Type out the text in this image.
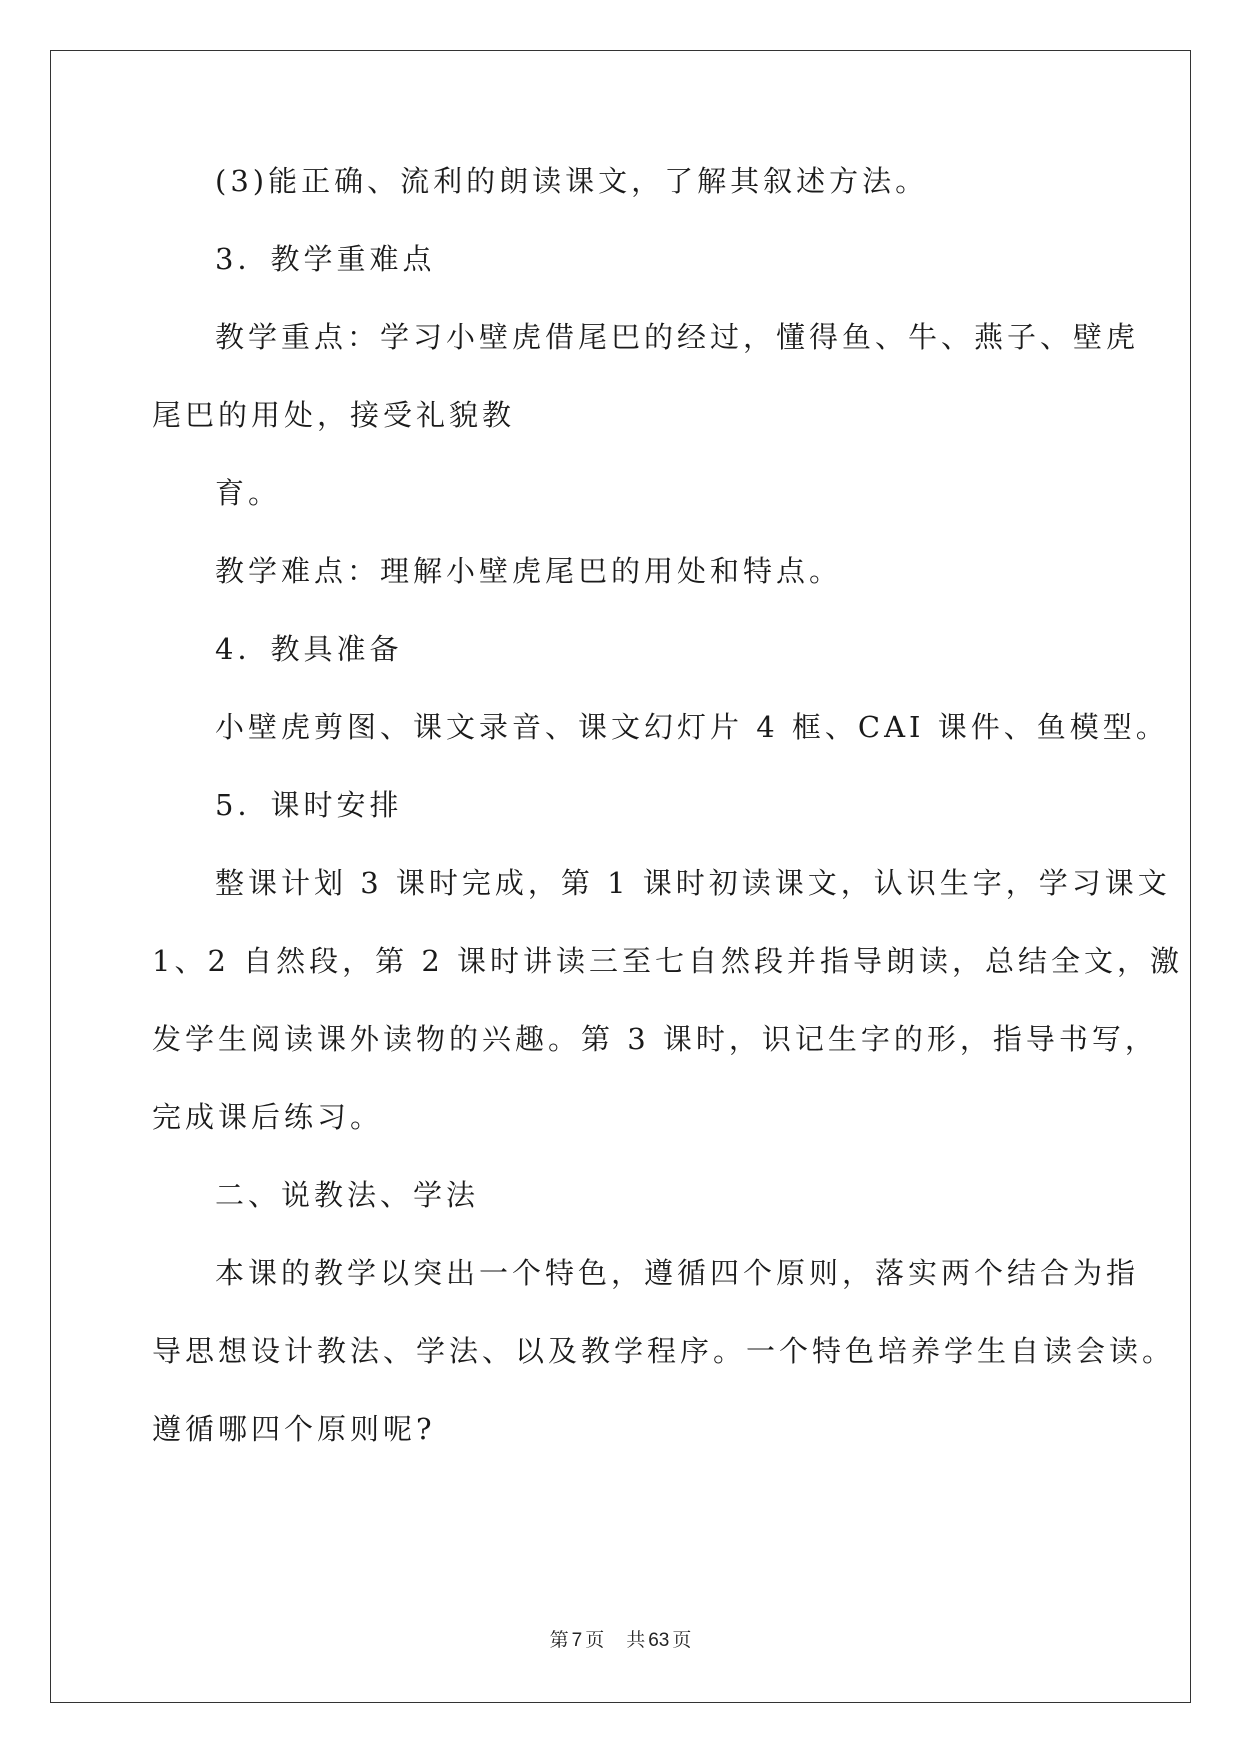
(3)能正确、流利的朗读课文，了解其叙述方法。
3．教学重难点
教学重点：学习小壁虎借尾巴的经过，懂得鱼、牛、燕子、壁虎
尾巴的用处，接受礼貌教
育。
教学难点：理解小壁虎尾巴的用处和特点。
4．教具准备
小壁虎剪图、课文录音、课文幻灯片 4 框、CAI 课件、鱼模型。
5．课时安排
整课计划 3 课时完成，第 1 课时初读课文，认识生字，学习课文
1、2 自然段，第 2 课时讲读三至七自然段并指导朗读，总结全文，激
发学生阅读课外读物的兴趣。第 3 课时，识记生字的形，指导书写，
完成课后练习。
二、说教法、学法
本课的教学以突出一个特色，遵循四个原则，落实两个结合为指
导思想设计教法、学法、以及教学程序。一个特色培养学生自读会读。
遵循哪四个原则呢?
第 7 页 共 63 页
